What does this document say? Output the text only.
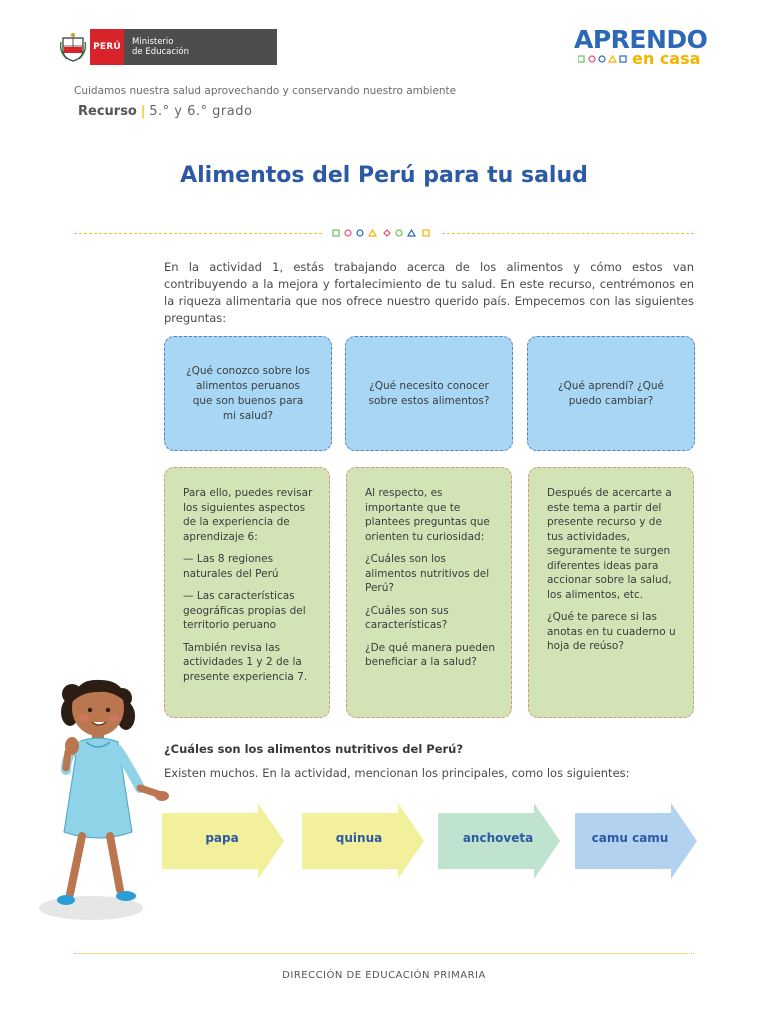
PERÚ	Ministerio
de Educación	APRENDO
en casa
Cuidamos nuestra salud aprovechando y conservando nuestro ambiente
Recurso | 5.° y 6.° grado
Alimentos del Perú para tu salud

En la actividad 1, estás trabajando acerca de los alimentos y cómo estos van contribuyendo a la mejora y fortalecimiento de tu salud. En este recurso, centrémonos en la riqueza alimentaria que nos ofrece nuestro querido país. Empecemos con las siguientes preguntas:

¿Qué conozco sobre los alimentos peruanos que son buenos para mi salud?
¿Qué necesito conocer sobre estos alimentos?
¿Qué aprendí? ¿Qué puedo cambiar?

Para ello, puedes revisar los siguientes aspectos de la experiencia de aprendizaje 6:

— Las 8 regiones naturales del Perú

— Las características geográficas propias del territorio peruano

También revisa las actividades 1 y 2 de la presente experiencia 7.

Al respecto, es importante que te plantees preguntas que orienten tu curiosidad:

¿Cuáles son los alimentos nutritivos del Perú?

¿Cuáles son sus características?

¿De qué manera pueden beneficiar a la salud?

Después de acercarte a este tema a partir del presente recurso y de tus actividades, seguramente te surgen diferentes ideas para accionar sobre la salud, los alimentos, etc.

¿Qué te parece si las anotas en tu cuaderno u hoja de reúso?

¿Cuáles son los alimentos nutritivos del Perú?
Existen muchos. En la actividad, mencionan los principales, como los siguientes:
papa	quinua	anchoveta	camu camu
DIRECCIÓN DE EDUCACIÓN PRIMARIA
